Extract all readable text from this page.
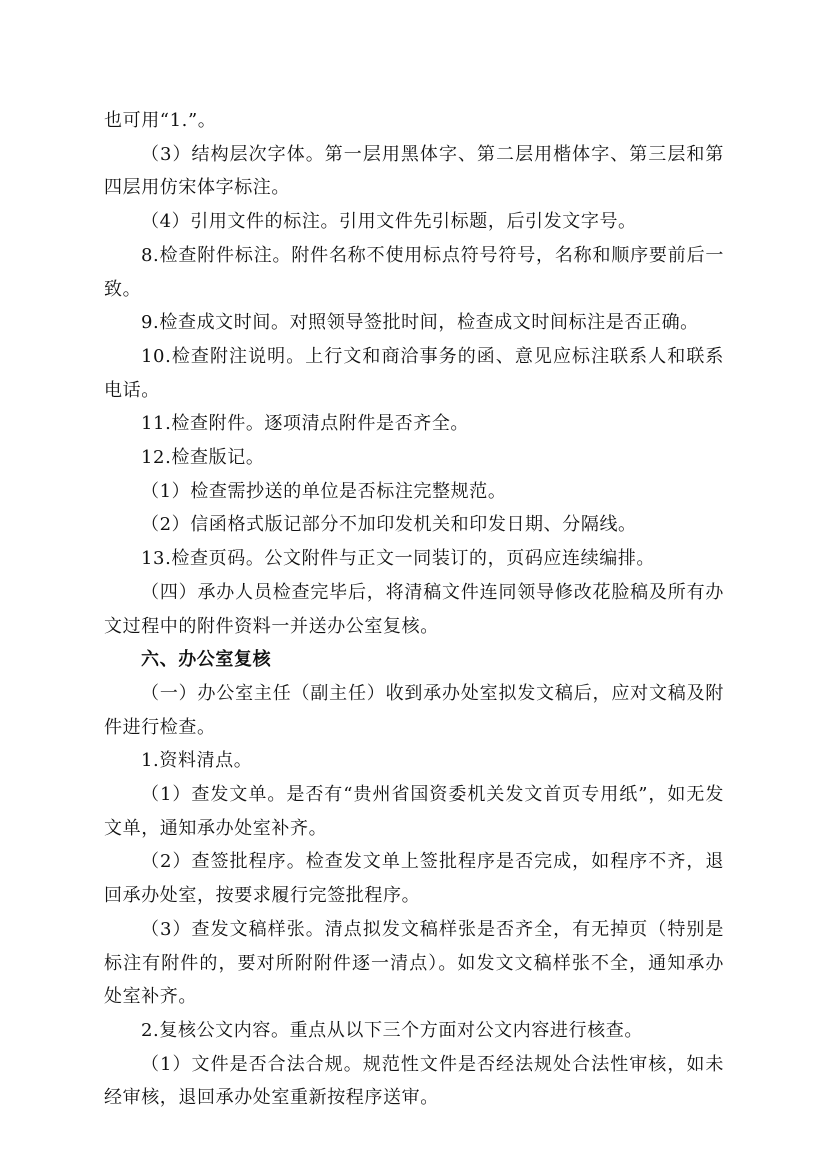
也可用“1.”。

（3）结构层次字体。第一层用黑体字、第二层用楷体字、第三层和第四层用仿宋体字标注。

（4）引用文件的标注。引用文件先引标题，后引发文字号。

8.检查附件标注。附件名称不使用标点符号符号，名称和顺序要前后一致。

9.检查成文时间。对照领导签批时间，检查成文时间标注是否正确。

10.检查附注说明。上行文和商洽事务的函、意见应标注联系人和联系电话。

11.检查附件。逐项清点附件是否齐全。

12.检查版记。

（1）检查需抄送的单位是否标注完整规范。

（2）信函格式版记部分不加印发机关和印发日期、分隔线。

13.检查页码。公文附件与正文一同装订的，页码应连续编排。

（四）承办人员检查完毕后，将清稿文件连同领导修改花脸稿及所有办文过程中的附件资料一并送办公室复核。

六、办公室复核

（一）办公室主任（副主任）收到承办处室拟发文稿后，应对文稿及附件进行检查。

1.资料清点。

（1）查发文单。是否有“贵州省国资委机关发文首页专用纸”，如无发文单，通知承办处室补齐。

（2）查签批程序。检查发文单上签批程序是否完成，如程序不齐，退回承办处室，按要求履行完签批程序。

（3）查发文稿样张。清点拟发文稿样张是否齐全，有无掉页（特别是标注有附件的，要对所附附件逐一清点）。如发文文稿样张不全，通知承办处室补齐。

2.复核公文内容。重点从以下三个方面对公文内容进行核查。

（1）文件是否合法合规。规范性文件是否经法规处合法性审核，如未经审核，退回承办处室重新按程序送审。
